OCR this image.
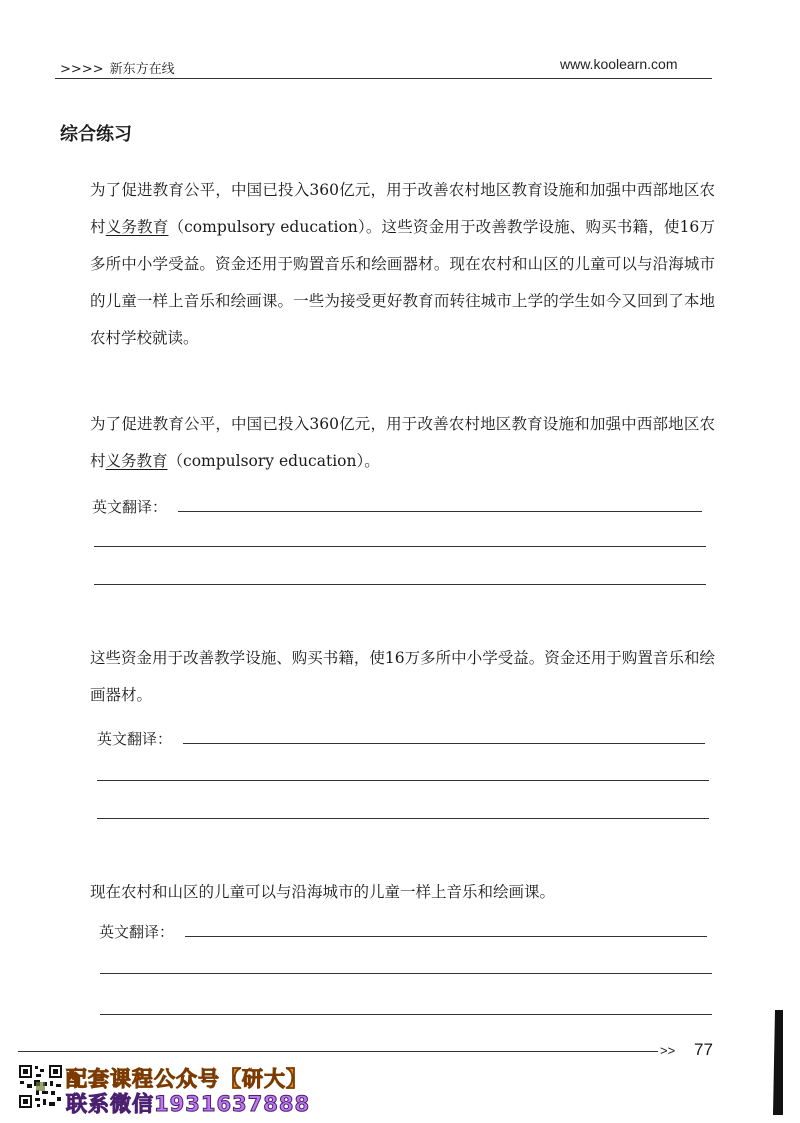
>>>> 新东方在线	www.koolearn.com
综合练习

为了促进教育公平，中国已投入360亿元，用于改善农村地区教育设施和加强中西部地区农村义务教育（compulsory education）。这些资金用于改善教学设施、购买书籍，使16万多所中小学受益。资金还用于购置音乐和绘画器材。现在农村和山区的儿童可以与沿海城市的儿童一样上音乐和绘画课。一些为接受更好教育而转往城市上学的学生如今又回到了本地农村学校就读。

为了促进教育公平，中国已投入360亿元，用于改善农村地区教育设施和加强中西部地区农村义务教育（compulsory education）。

英文翻译：

这些资金用于改善教学设施、购买书籍，使16万多所中小学受益。资金还用于购置音乐和绘画器材。

英文翻译：

现在农村和山区的儿童可以与沿海城市的儿童一样上音乐和绘画课。

英文翻译：
>> 77
配套课程公众号【研大】
联系微信1931637888
